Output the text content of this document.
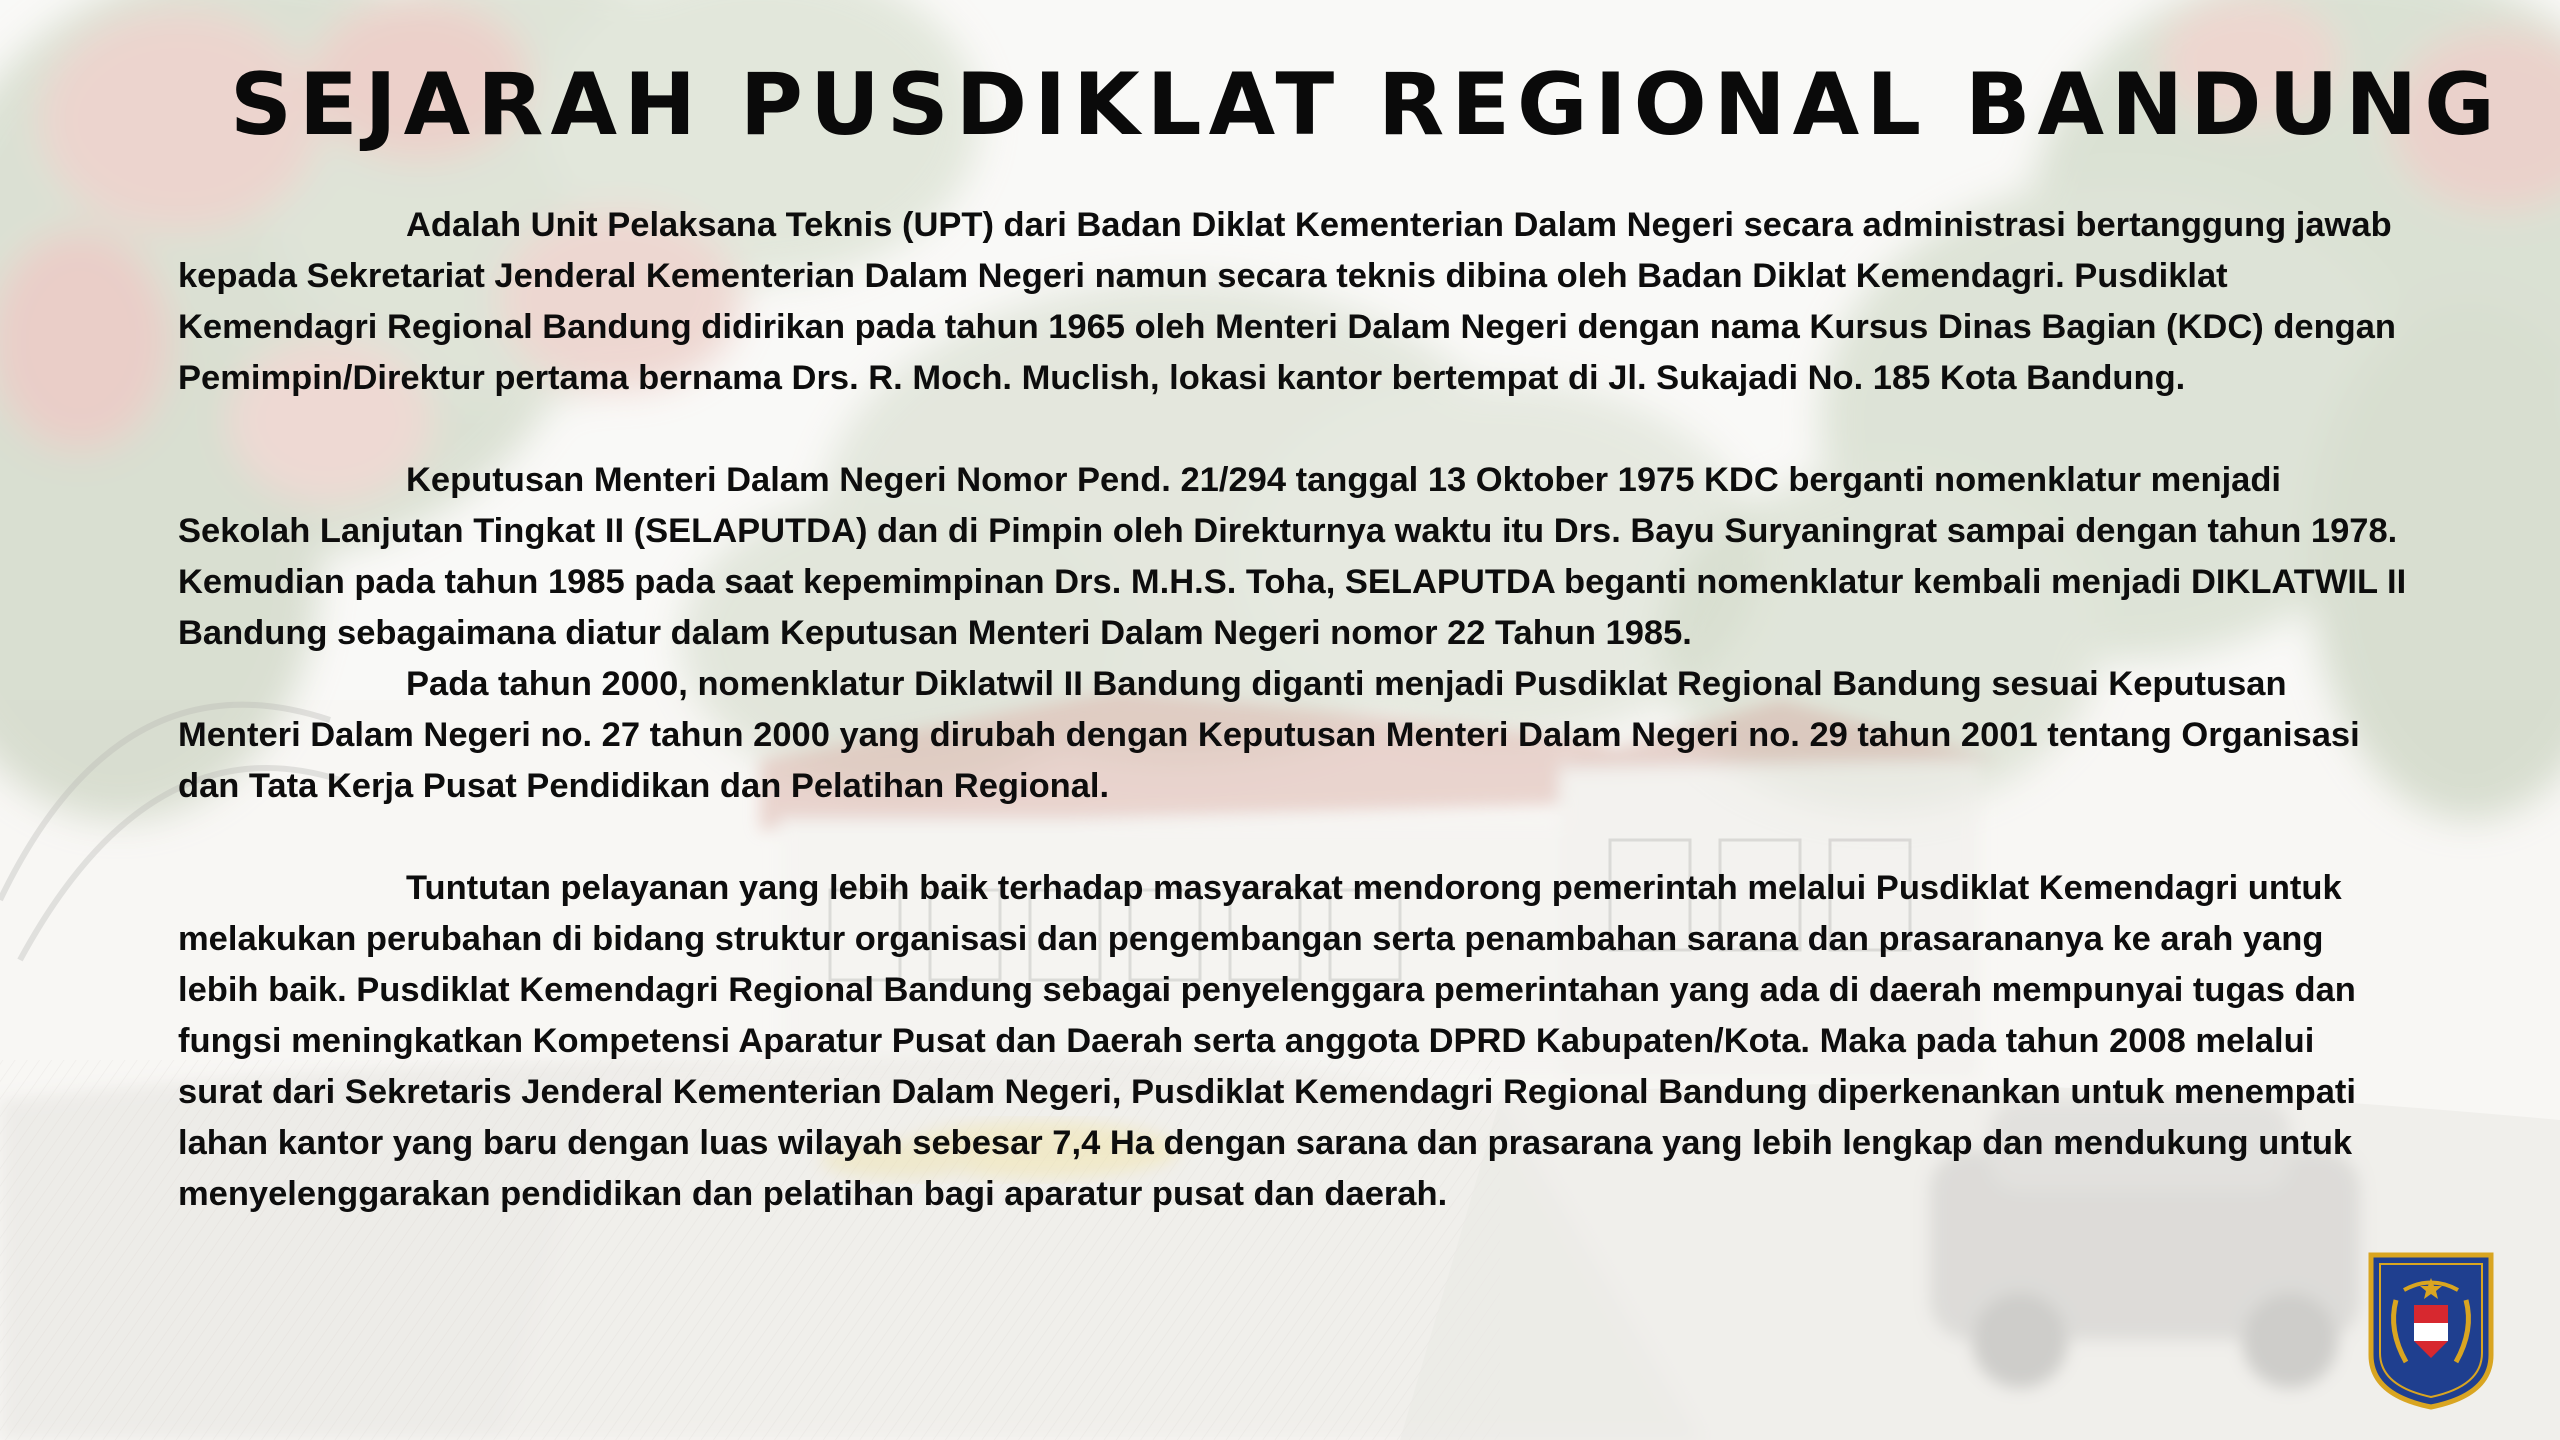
SEJARAH PUSDIKLAT REGIONAL BANDUNG

Adalah Unit Pelaksana Teknis (UPT) dari Badan Diklat Kementerian Dalam Negeri secara administrasi bertanggung jawab kepada Sekretariat Jenderal Kementerian Dalam Negeri namun secara teknis dibina oleh Badan Diklat Kemendagri. Pusdiklat Kemendagri Regional Bandung didirikan pada tahun 1965 oleh Menteri Dalam Negeri dengan nama Kursus Dinas Bagian (KDC) dengan Pemimpin/Direktur pertama bernama Drs. R. Moch. Muclish, lokasi kantor bertempat di Jl. Sukajadi No. 185 Kota Bandung.

Keputusan Menteri Dalam Negeri Nomor Pend. 21/294 tanggal 13 Oktober 1975 KDC berganti nomenklatur menjadi Sekolah Lanjutan Tingkat II (SELAPUTDA) dan di Pimpin oleh Direkturnya waktu itu Drs. Bayu Suryaningrat sampai dengan tahun 1978. Kemudian pada tahun 1985 pada saat kepemimpinan Drs. M.H.S. Toha, SELAPUTDA beganti nomenklatur kembali menjadi DIKLATWIL II Bandung sebagaimana diatur dalam Keputusan Menteri Dalam Negeri nomor 22 Tahun 1985.

Pada tahun 2000, nomenklatur Diklatwil II Bandung diganti menjadi Pusdiklat Regional Bandung sesuai Keputusan Menteri Dalam Negeri no. 27 tahun 2000 yang dirubah dengan Keputusan Menteri Dalam Negeri no. 29 tahun 2001 tentang Organisasi dan Tata Kerja Pusat Pendidikan dan Pelatihan Regional.

Tuntutan pelayanan yang lebih baik terhadap masyarakat mendorong pemerintah melalui Pusdiklat Kemendagri untuk melakukan perubahan di bidang struktur organisasi dan pengembangan serta penambahan sarana dan prasarananya ke arah yang lebih baik. Pusdiklat Kemendagri Regional Bandung sebagai penyelenggara pemerintahan yang ada di daerah mempunyai tugas dan fungsi meningkatkan Kompetensi Aparatur Pusat dan Daerah serta anggota DPRD Kabupaten/Kota. Maka pada tahun 2008 melalui surat dari Sekretaris Jenderal Kementerian Dalam Negeri, Pusdiklat Kemendagri Regional Bandung diperkenankan untuk menempati lahan kantor yang baru dengan luas wilayah sebesar 7,4 Ha dengan sarana dan prasarana yang lebih lengkap dan mendukung untuk menyelenggarakan pendidikan dan pelatihan bagi aparatur pusat dan daerah.
